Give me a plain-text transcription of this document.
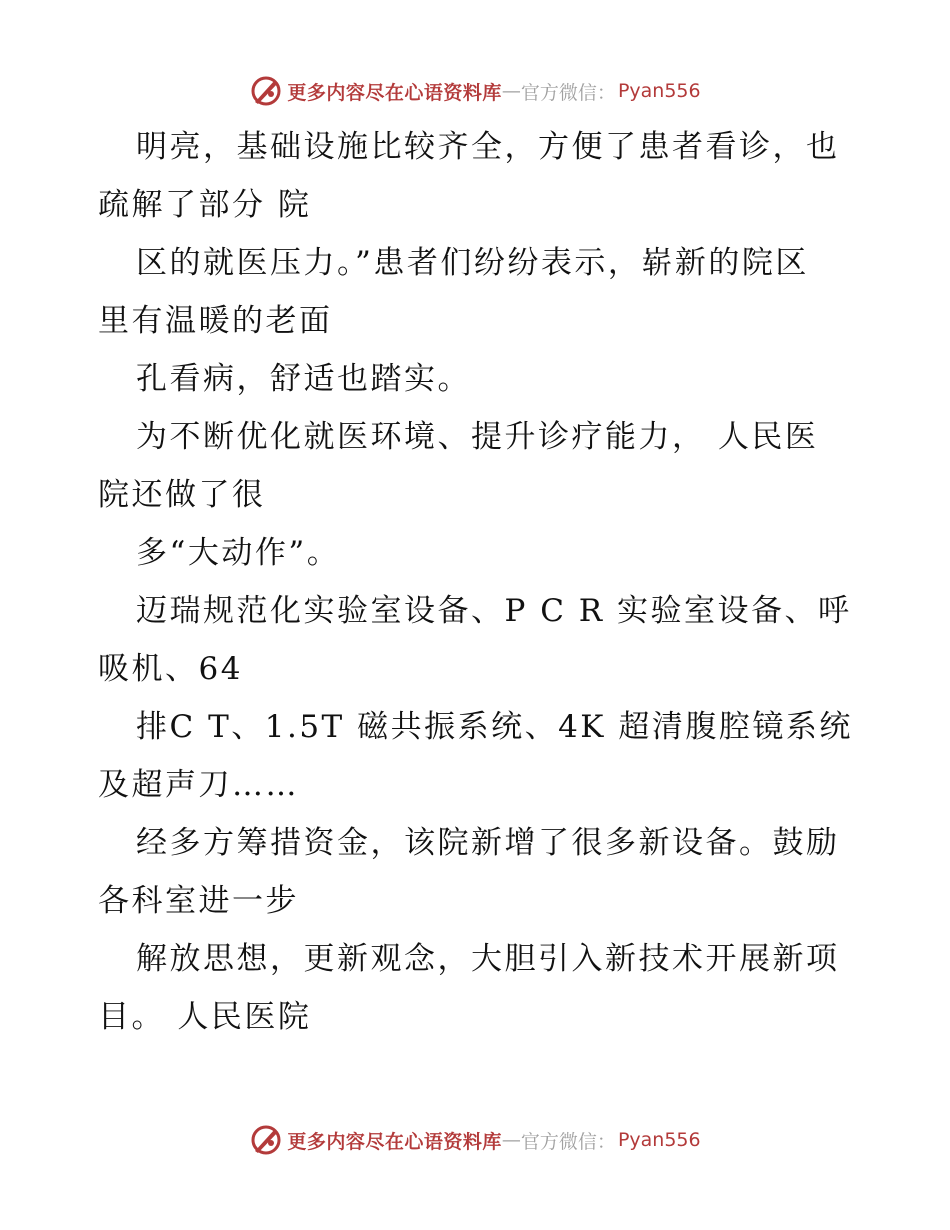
更多内容尽在心语资料库 — 官方微信： Pyan556

明亮，基础设施比较齐全，方便了患者看诊，也
疏解了部分 院

区的就医压力。”患者们纷纷表示，崭新的院区
里有温暖的老面

孔看病，舒适也踏实。

为不断优化就医环境、提升诊疗能力， 人民医
院还做了很

多“大动作”。

迈瑞规范化实验室设备、P C R 实验室设备、呼
吸机、64

排C T、1.5T 磁共振系统、4K 超清腹腔镜系统
及超声刀……

经多方筹措资金，该院新增了很多新设备。鼓励
各科室进一步

解放思想，更新观念，大胆引入新技术开展新项
目。 人民医院

更多内容尽在心语资料库 — 官方微信： Pyan556
